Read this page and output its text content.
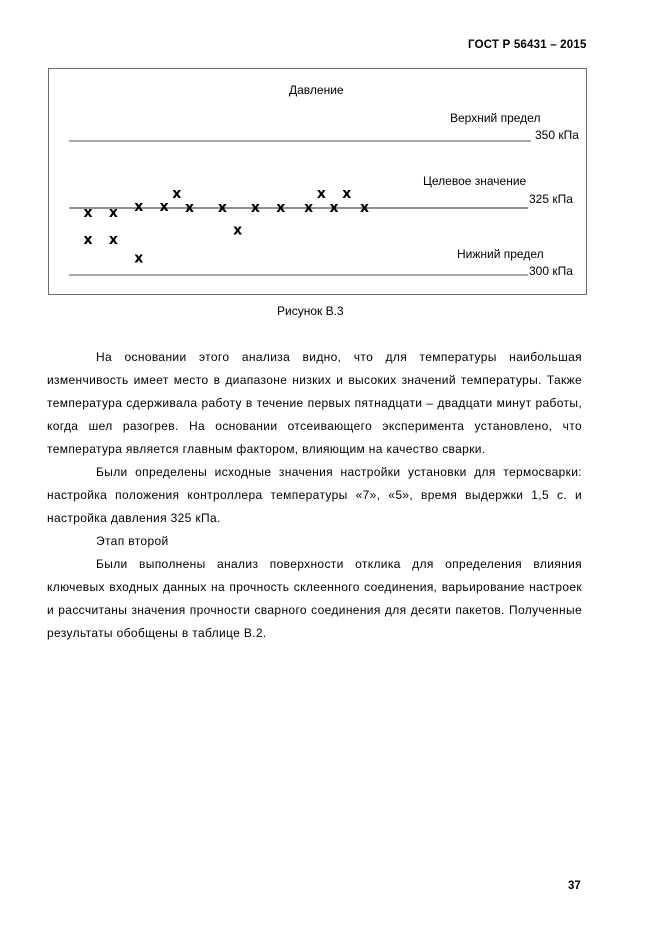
ГОСТ Р 56431 – 2015
Давление
Верхний предел
350 кПа
Целевое значение
325 кПа
Нижний предел
300 кПа
x
x
x
x
x
x
x
x
x x
x
x x x
x
x
x
x
Рисунок В.3

На основании этого анализа видно, что для температуры наибольшая изменчивость имеет место в диапазоне низких и высоких значений температуры. Также температура сдерживала работу в течение первых пятнадцати – двадцати минут работы, когда шел разогрев. На основании отсеивающего эксперимента установлено, что температура является главным фактором, влияющим на качество сварки.

Были определены исходные значения настройки установки для термосварки: настройка положения контроллера температуры «7», «5», время выдержки 1,5 с. и настройка давления 325 кПа.

Этап второй

Были выполнены анализ поверхности отклика для определения влияния ключевых входных данных на прочность склеенного соединения, варьирование настроек и рассчитаны значения прочности сварного соединения для десяти пакетов. Полученные результаты обобщены в таблице В.2.

37
